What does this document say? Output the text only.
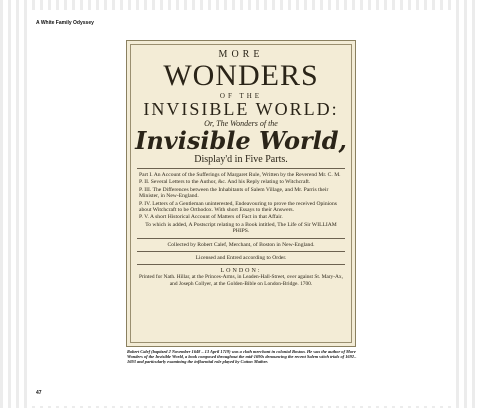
A White Family Odyssey
MORE
WONDERS
OF THE
INVISIBLE WORLD:
Or, The Wonders of the
Invisible World,
Display'd in Five Parts.

Part I. An Account of the Sufferings of Margaret Rule, Written by the Reverend Mr. C. M.

P. II. Several Letters to the Author, &c. And his Reply relating to Witchcraft.

P. III. The Differences between the Inhabitants of Salem Village, and Mr. Parris their Minister, in New-England.

P. IV. Letters of a Gentleman uninterested, Endeavouring to prove the received Opinions about Witchcraft to be Orthodox. With short Essays to their Answers.

P. V. A short Historical Account of Matters of Fact in that Affair.

To which is added, A Postscript relating to a Book intitled, The Life of Sir WILLIAM PHIPS.
Collected by Robert Calef, Merchant, of Boston in New-England.
Licensed and Entred according to Order.
LONDON:
Printed for Nath. Hillar, at the Princes-Arms, in Leaden-Hall-Street, over against St. Mary-Ax, and Joseph Collyer, at the Golden-Bible on London-Bridge. 1700.
Robert Calef (baptized 2 November 1648 – 13 April 1719) was a cloth merchant in colonial Boston. He was the author of More Wonders of the Invisible World, a book composed throughout the mid-1690s denouncing the recent Salem witch trials of 1692–1693 and particularly examining the influential role played by Cotton Mather.
47
